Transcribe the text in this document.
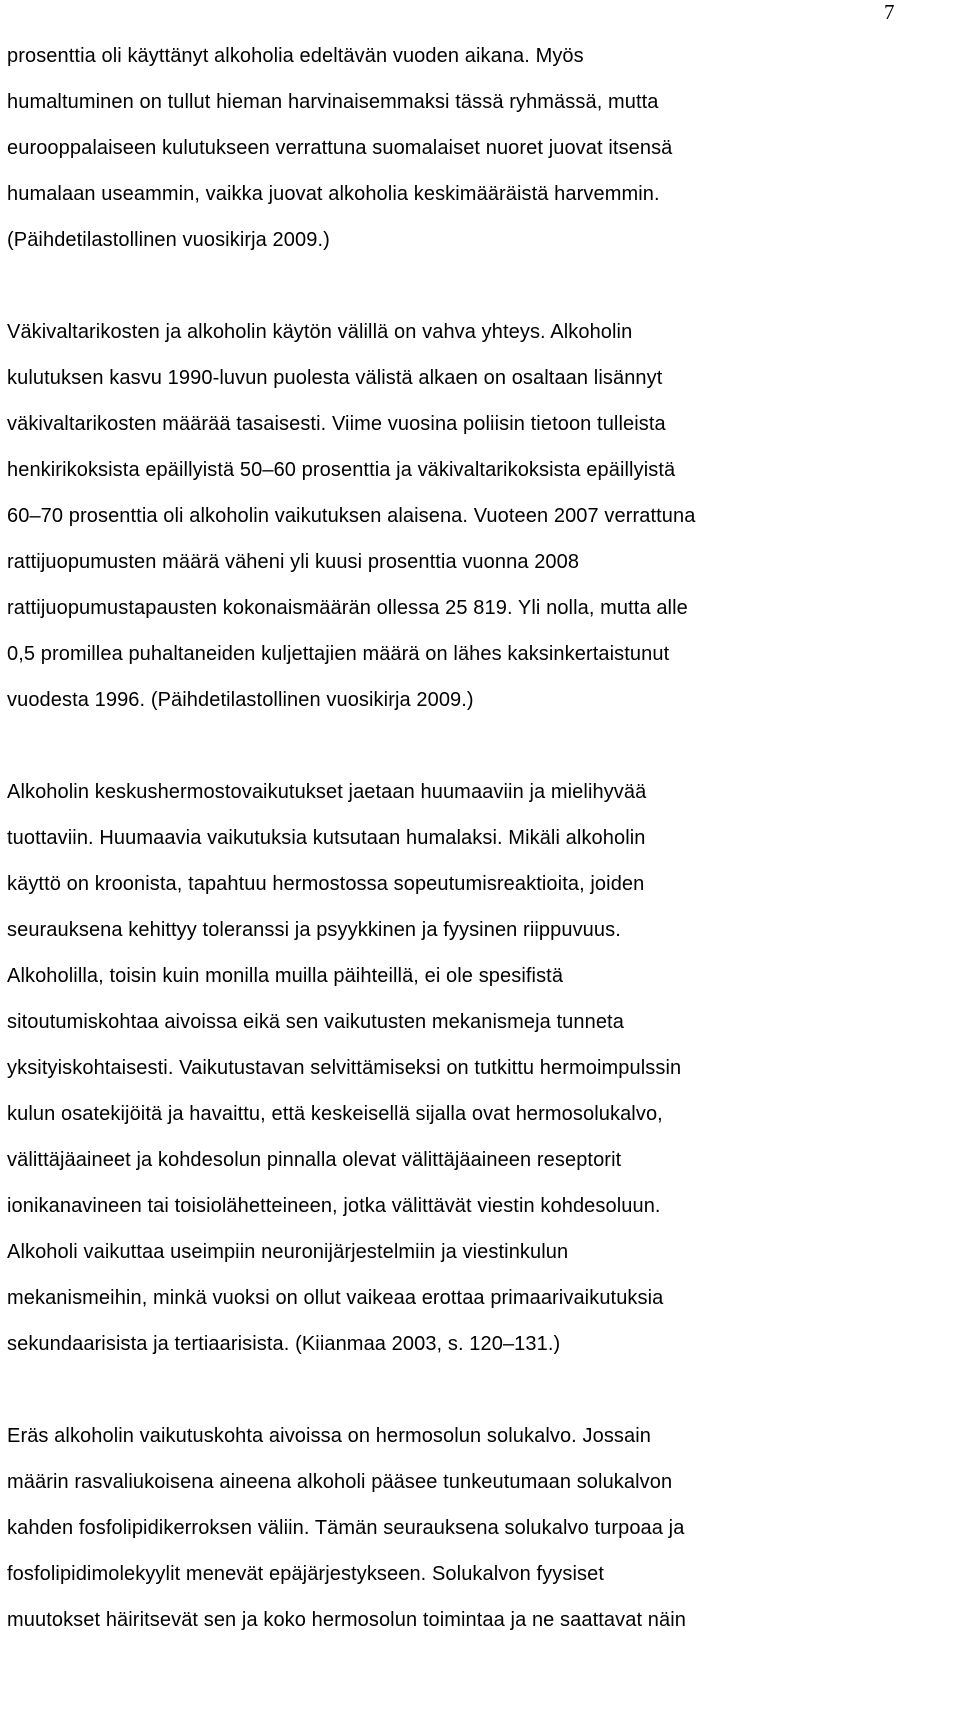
7

prosenttia oli käyttänyt alkoholia edeltävän vuoden aikana. Myös
humaltuminen on tullut hieman harvinaisemmaksi tässä ryhmässä, mutta
eurooppalaiseen kulutukseen verrattuna suomalaiset nuoret juovat itsensä
humalaan useammin, vaikka juovat alkoholia keskimääräistä harvemmin.
(Päihdetilastollinen vuosikirja 2009.)

Väkivaltarikosten ja alkoholin käytön välillä on vahva yhteys. Alkoholin
kulutuksen kasvu 1990-luvun puolesta välistä alkaen on osaltaan lisännyt
väkivaltarikosten määrää tasaisesti. Viime vuosina poliisin tietoon tulleista
henkirikoksista epäillyistä 50–60 prosenttia ja väkivaltarikoksista epäillyistä
60–70 prosenttia oli alkoholin vaikutuksen alaisena. Vuoteen 2007 verrattuna
rattijuopumusten määrä väheni yli kuusi prosenttia vuonna 2008
rattijuopumustapausten kokonaismäärän ollessa 25 819. Yli nolla, mutta alle
0,5 promillea puhaltaneiden kuljettajien määrä on lähes kaksinkertaistunut
vuodesta 1996. (Päihdetilastollinen vuosikirja 2009.)

Alkoholin keskushermostovaikutukset jaetaan huumaaviin ja mielihyvää
tuottaviin. Huumaavia vaikutuksia kutsutaan humalaksi. Mikäli alkoholin
käyttö on kroonista, tapahtuu hermostossa sopeutumisreaktioita, joiden
seurauksena kehittyy toleranssi ja psyykkinen ja fyysinen riippuvuus.
Alkoholilla, toisin kuin monilla muilla päihteillä, ei ole spesifistä
sitoutumiskohtaa aivoissa eikä sen vaikutusten mekanismeja tunneta
yksityiskohtaisesti. Vaikutustavan selvittämiseksi on tutkittu hermoimpulssin
kulun osatekijöitä ja havaittu, että keskeisellä sijalla ovat hermosolukalvo,
välittäjäaineet ja kohdesolun pinnalla olevat välittäjäaineen reseptorit
ionikanavineen tai toisiolähetteineen, jotka välittävät viestin kohdesoluun.
Alkoholi vaikuttaa useimpiin neuronijärjestelmiin ja viestinkulun
mekanismeihin, minkä vuoksi on ollut vaikeaa erottaa primaarivaikutuksia
sekundaarisista ja tertiaarisista. (Kiianmaa 2003, s. 120–131.)

Eräs alkoholin vaikutuskohta aivoissa on hermosolun solukalvo. Jossain
määrin rasvaliukoisena aineena alkoholi pääsee tunkeutumaan solukalvon
kahden fosfolipidikerroksen väliin. Tämän seurauksena solukalvo turpoaa ja
fosfolipidimolekyylit menevät epäjärjestykseen. Solukalvon fyysiset
muutokset häiritsevät sen ja koko hermosolun toimintaa ja ne saattavat näin
